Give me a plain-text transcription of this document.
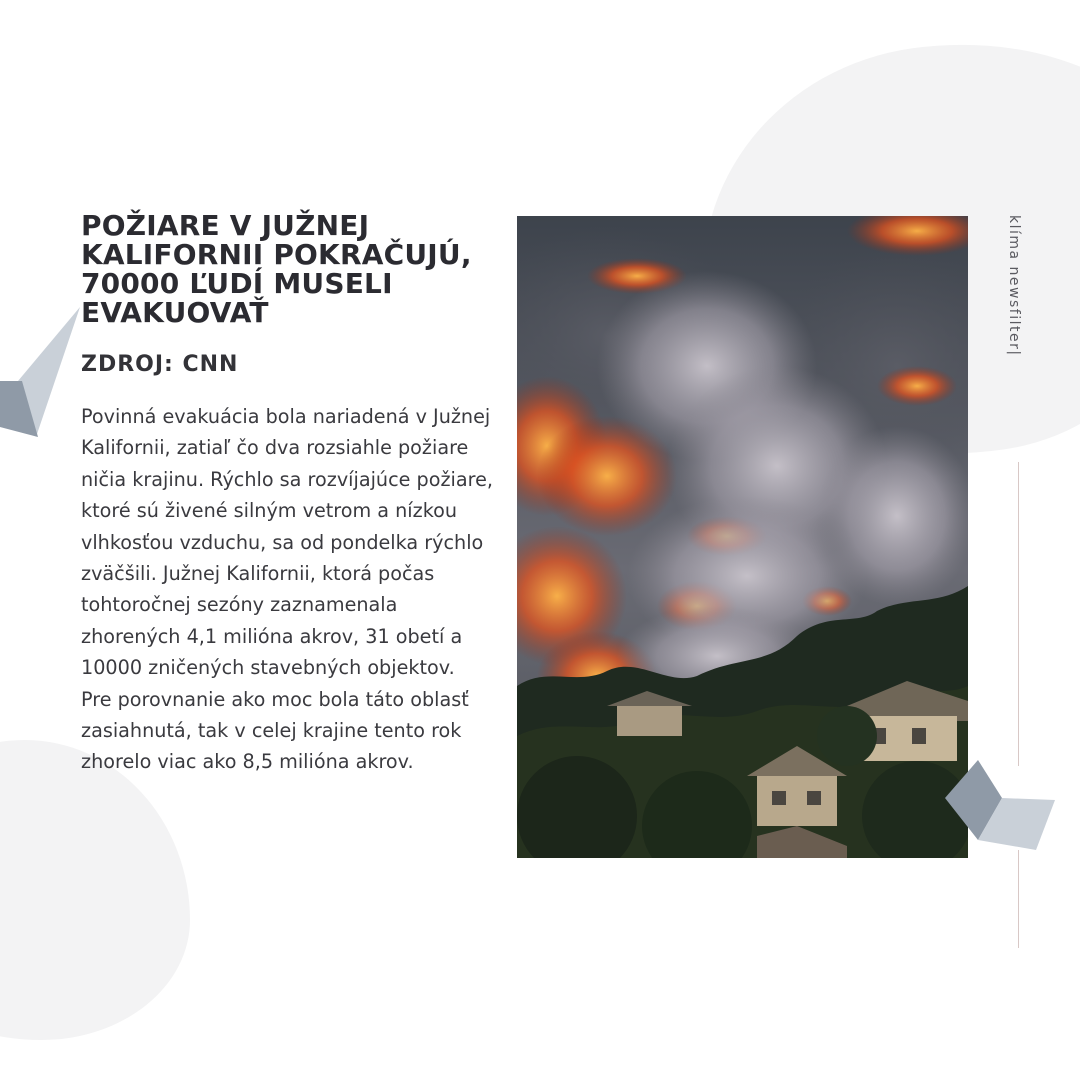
POŽIARE V JUŽNEJ KALIFORNII POKRAČUJÚ, 70000 ĽUDÍ MUSELI EVAKUOVAŤ
ZDROJ: CNN

Povinná evakuácia bola nariadená v Južnej Kalifornii, zatiaľ čo dva rozsiahle požiare ničia krajinu. Rýchlo sa rozvíjajúce požiare, ktoré sú živené silným vetrom a nízkou vlhkosťou vzduchu, sa od pondelka rýchlo zväčšili. Južnej Kalifornii, ktorá počas tohtoročnej sezóny zaznamenala zhorených 4,1 milióna akrov, 31 obetí a 10000 zničených stavebných objektov.

Pre porovnanie ako moc bola táto oblasť zasiahnutá, tak v celej krajine tento rok zhorelo viac ako 8,5 milióna akrov.

klíma newsfilter|
